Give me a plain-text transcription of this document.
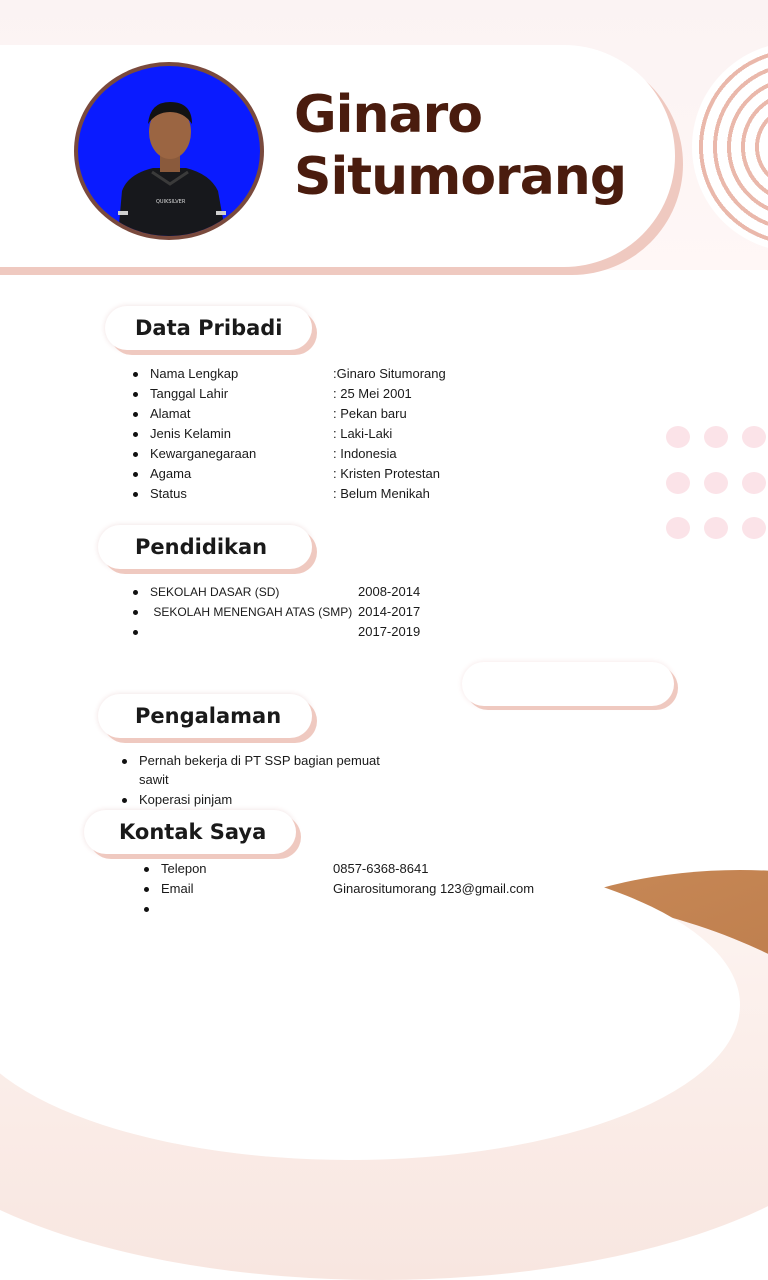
QUIKSILVER
Ginaro
Situmorang
Data Pribadi
Nama Lengkap	:Ginaro Situmorang
Tanggal Lahir	: 25 Mei 2001
Alamat	: Pekan baru
Jenis Kelamin	: Laki-Laki
Kewarganegaraan	: Indonesia
Agama	: Kristen Protestan
Status	: Belum Menikah
Pendidikan
SEKOLAH DASAR (SD)	2008-2014
SEKOLAH MENENGAH ATAS (SMP) 2014-2017
2017-2019
Pengalaman
Pernah bekerja di PT SSP bagian pemuat
sawit
Koperasi pinjam
Kontak Saya
Telepon	0857-6368-8641
Email	Ginarositumorang 123@gmail.com
